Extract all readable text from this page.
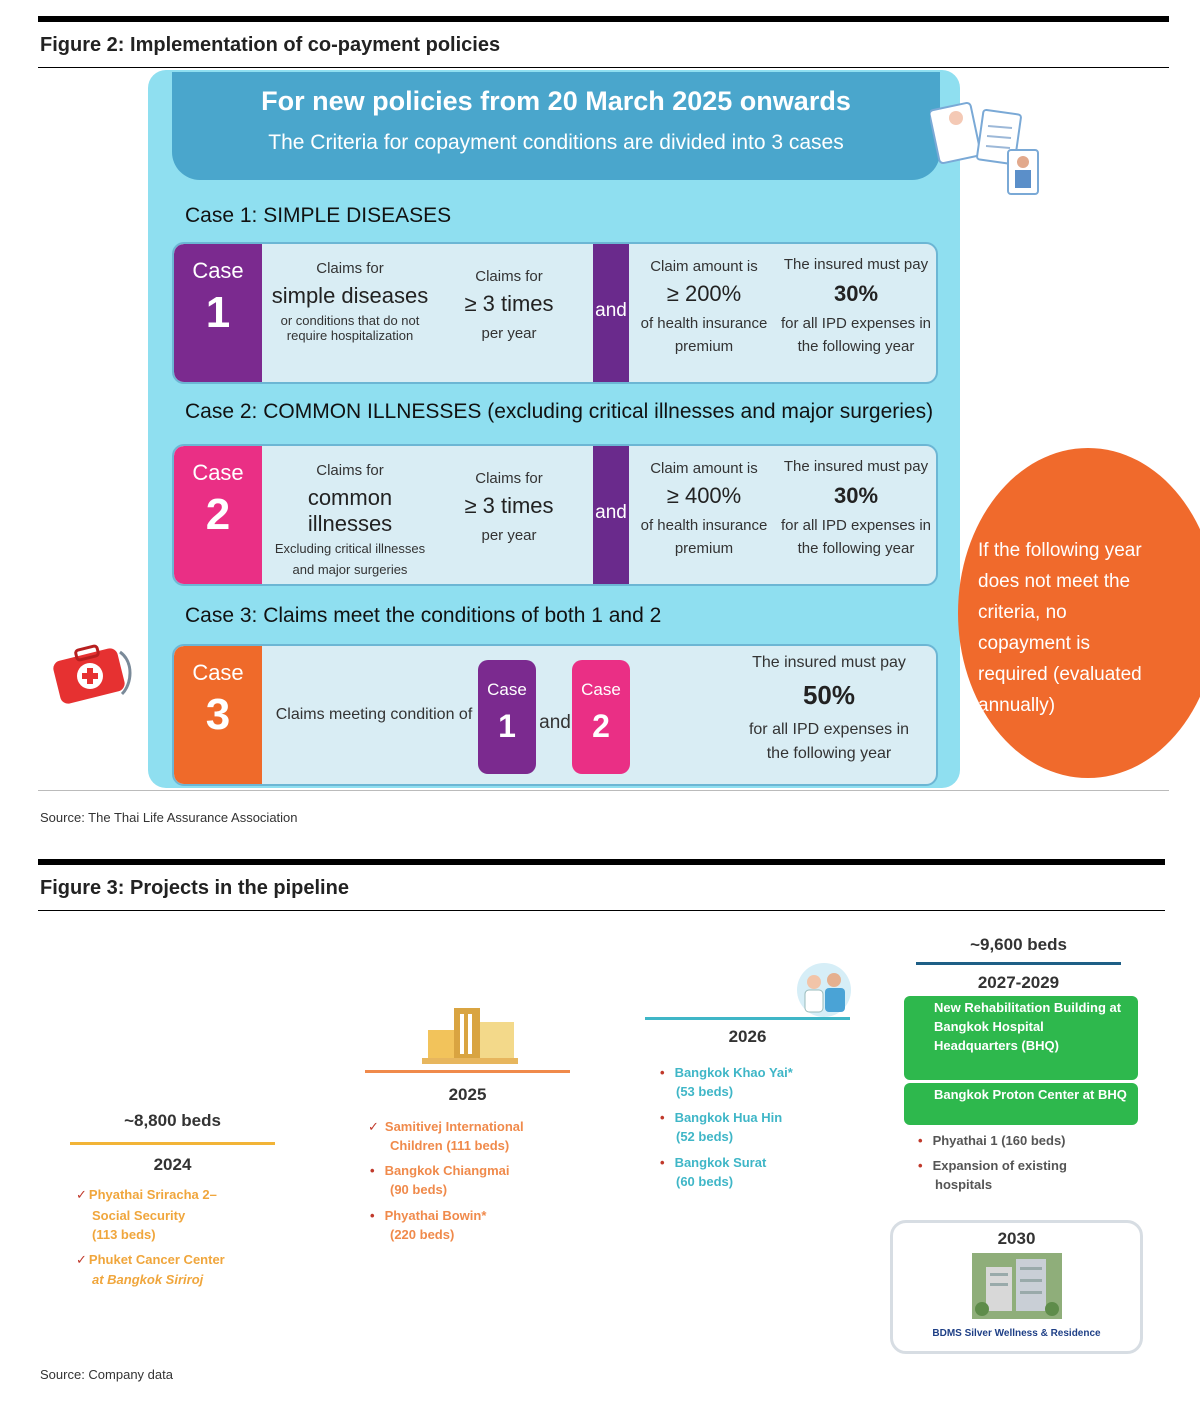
Figure 2: Implementation of co-payment policies
For new policies from 20 March 2025 onwards
The Criteria for copayment conditions are divided into 3 cases
Case 1: SIMPLE DISEASES
Case
1
Claims for
simple diseases
or conditions that do not
require hospitalization
Claims for
≥ 3 times
per year
and
Claim amount is
≥ 200%
of health insurance
premium
The insured must pay
30%
for all IPD expenses in
the following year
Case 2: COMMON ILLNESSES (excluding critical illnesses and major surgeries)
Case
2
Claims for
common illnesses
Excluding critical illnesses
and major surgeries
Claims for
≥ 3 times
per year
and
Claim amount is
≥ 400%
of health insurance
premium
The insured must pay
30%
for all IPD expenses in
the following year
Case 3: Claims meet the conditions of both 1 and 2
Case
3	Claims meeting condition of
Case
1	and
Case
2
The insured must pay
50%
for all IPD expenses in
the following year
If the following year does not meet the criteria, no copayment is required (evaluated annually)
Source: The Thai Life Assurance Association
Figure 3: Projects in the pipeline
~8,800 beds
2024
✓ Phyathai Sriracha 2–
Social Security
(113 beds)
✓ Phuket Cancer Center
at Bangkok Siriroj
2025
✓ Samitivej International
Children (111 beds)
• Bangkok Chiangmai
(90 beds)
• Phyathai Bowin*
(220 beds)
2026
• Bangkok Khao Yai*
(53 beds)
• Bangkok Hua Hin
(52 beds)
• Bangkok Surat
(60 beds)
~9,600 beds
2027-2029
New Rehabilitation Building at Bangkok Hospital Headquarters (BHQ)
Bangkok Proton Center at BHQ
• Phyathai 1 (160 beds)
• Expansion of existing
hospitals
2030
BDMS Silver Wellness & Residence
Source: Company data
